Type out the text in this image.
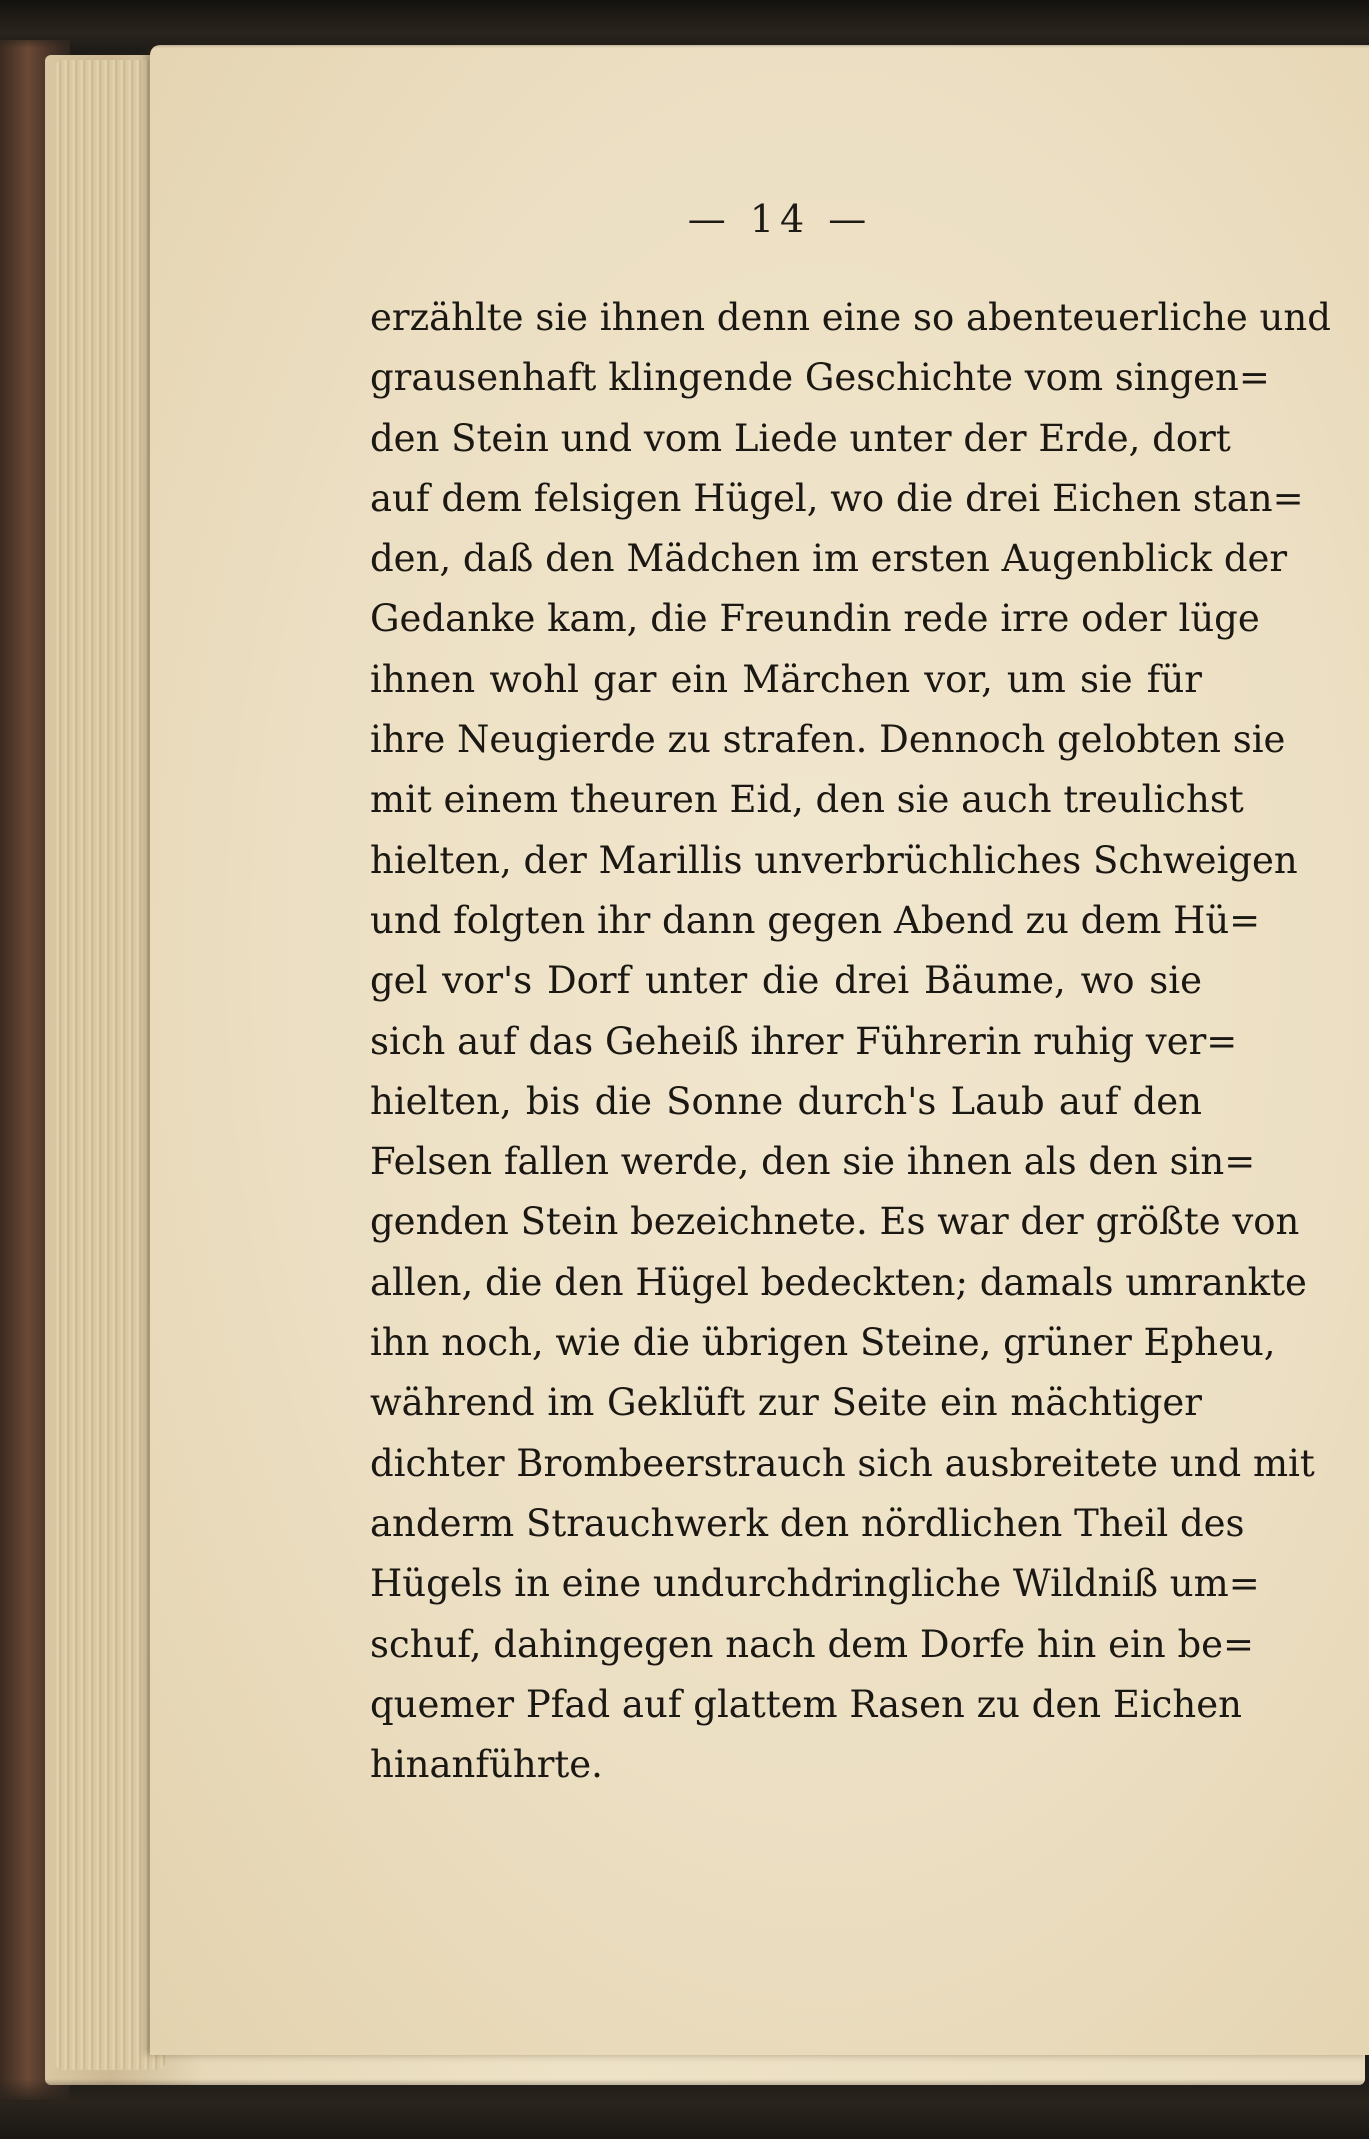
— 14 —
erzählte sie ihnen denn eine so abenteuerliche und
grausenhaft klingende Geschichte vom singen=
den Stein und vom Liede unter der Erde, dort
auf dem felsigen Hügel, wo die drei Eichen stan=
den, daß den Mädchen im ersten Augenblick der
Gedanke kam, die Freundin rede irre oder lüge
ihnen wohl gar ein Märchen vor, um sie für
ihre Neugierde zu strafen. Dennoch gelobten sie
mit einem theuren Eid, den sie auch treulichst
hielten, der Marillis unverbrüchliches Schweigen
und folgten ihr dann gegen Abend zu dem Hü=
gel vor's Dorf unter die drei Bäume, wo sie
sich auf das Geheiß ihrer Führerin ruhig ver=
hielten, bis die Sonne durch's Laub auf den
Felsen fallen werde, den sie ihnen als den sin=
genden Stein bezeichnete. Es war der größte von
allen, die den Hügel bedeckten; damals umrankte
ihn noch, wie die übrigen Steine, grüner Epheu,
während im Geklüft zur Seite ein mächtiger
dichter Brombeerstrauch sich ausbreitete und mit
anderm Strauchwerk den nördlichen Theil des
Hügels in eine undurchdringliche Wildniß um=
schuf, dahingegen nach dem Dorfe hin ein be=
quemer Pfad auf glattem Rasen zu den Eichen
hinanführte.
